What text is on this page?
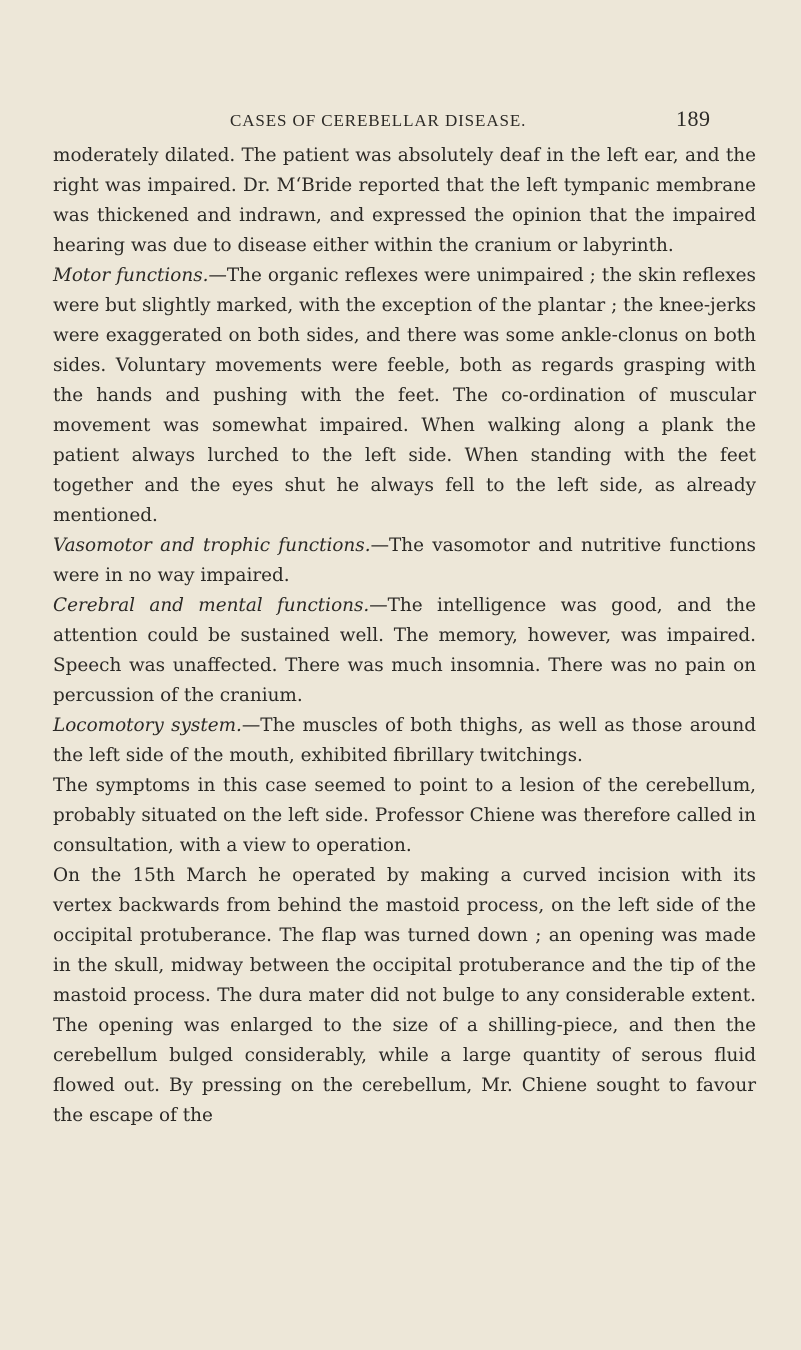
CASES OF CEREBELLAR DISEASE.	189

moderately dilated. The patient was absolutely deaf in the left ear, and the right was impaired. Dr. M‘Bride reported that the left tympanic membrane was thickened and indrawn, and expressed the opinion that the impaired hearing was due to disease either within the cranium or labyrinth.

Motor functions.—The organic reflexes were unimpaired ; the skin reflexes were but slightly marked, with the exception of the plantar ; the knee-jerks were exaggerated on both sides, and there was some ankle-clonus on both sides. Voluntary movements were feeble, both as regards grasping with the hands and pushing with the feet. The co-ordination of muscular movement was somewhat impaired. When walking along a plank the patient always lurched to the left side. When standing with the feet together and the eyes shut he always fell to the left side, as already mentioned.

Vasomotor and trophic functions.—The vasomotor and nutritive functions were in no way impaired.

Cerebral and mental functions.—The intelligence was good, and the attention could be sustained well. The memory, however, was impaired. Speech was unaffected. There was much insomnia. There was no pain on percussion of the cranium.

Locomotory system.—The muscles of both thighs, as well as those around the left side of the mouth, exhibited fibrillary twitchings.

The symptoms in this case seemed to point to a lesion of the cerebellum, probably situated on the left side. Professor Chiene was therefore called in consultation, with a view to operation.

On the 15th March he operated by making a curved incision with its vertex backwards from behind the mastoid process, on the left side of the occipital protuberance. The flap was turned down ; an opening was made in the skull, midway between the occipital protuberance and the tip of the mastoid process. The dura mater did not bulge to any considerable extent. The opening was enlarged to the size of a shilling-piece, and then the cerebellum bulged considerably, while a large quantity of serous fluid flowed out. By pressing on the cerebellum, Mr. Chiene sought to favour the escape of the
